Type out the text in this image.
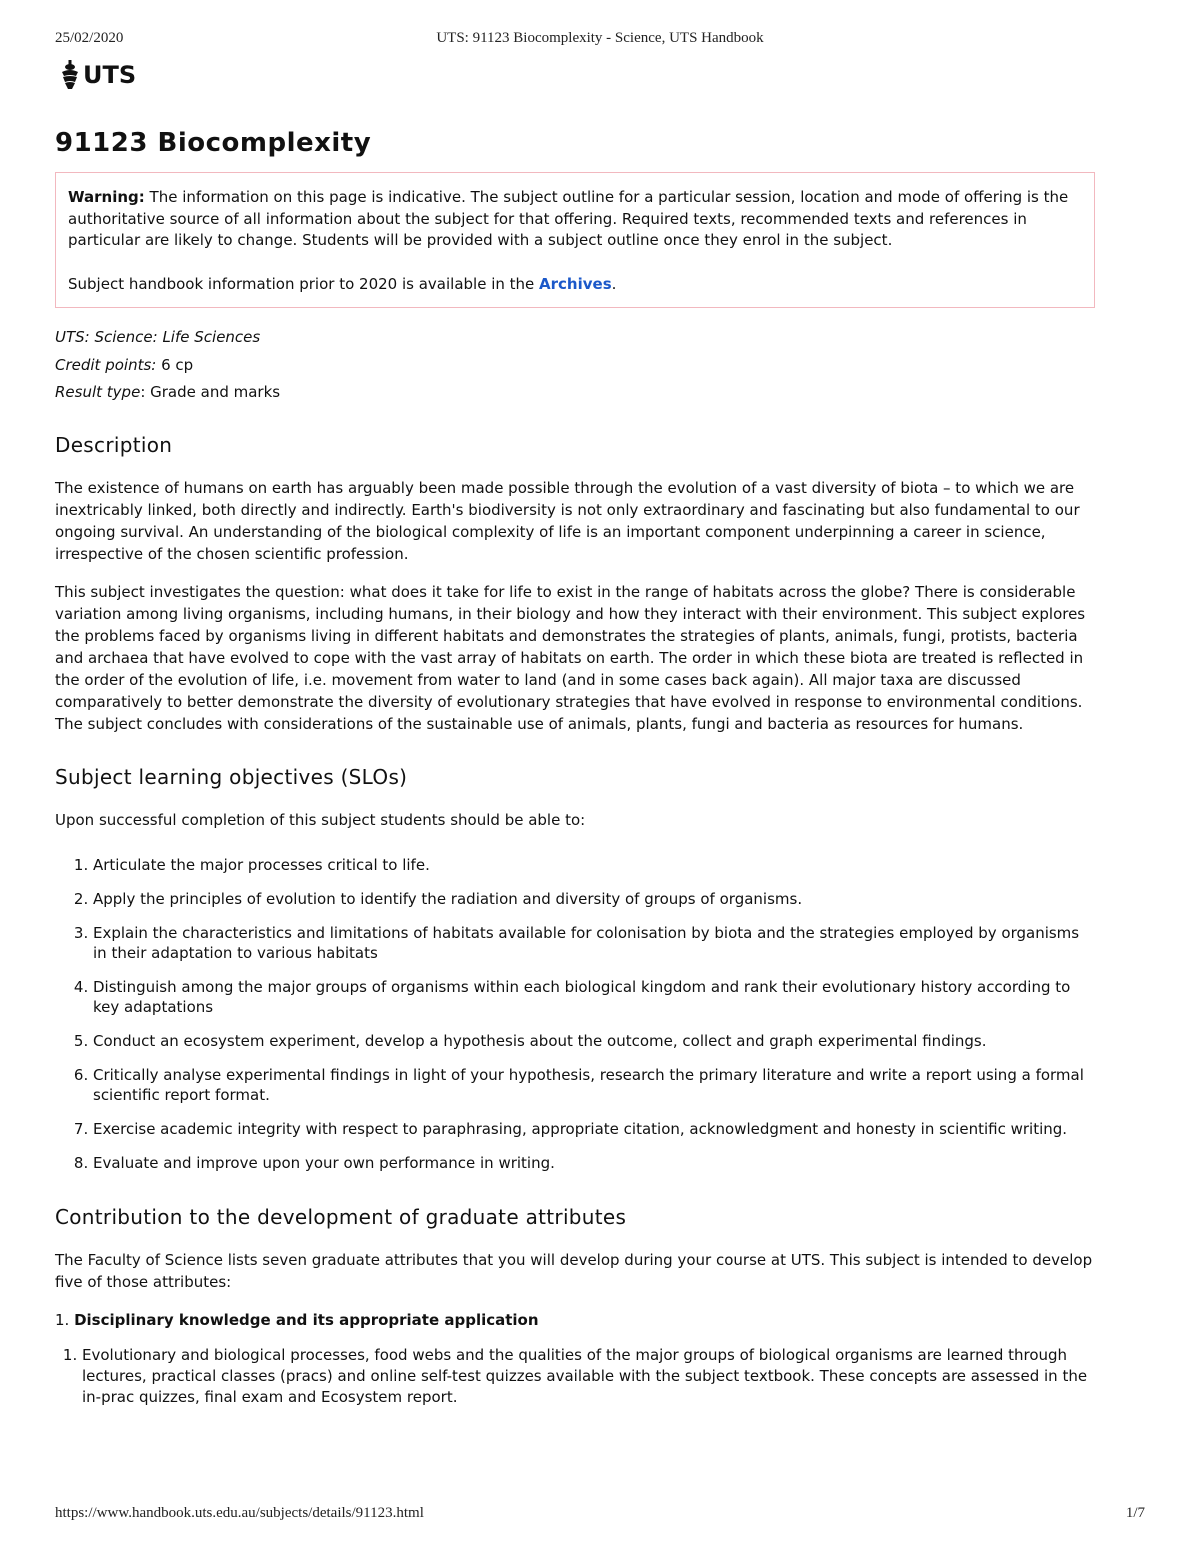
25/02/2020	UTS: 91123 Biocomplexity - Science, UTS Handbook
UTS
91123 Biocomplexity

Warning: The information on this page is indicative. The subject outline for a particular session, location and mode of offering is the authoritative source of all information about the subject for that offering. Required texts, recommended texts and references in particular are likely to change. Students will be provided with a subject outline once they enrol in the subject.

Subject handbook information prior to 2020 is available in the Archives.

UTS: Science: Life Sciences
Credit points: 6 cp
Result type: Grade and marks
Description

The existence of humans on earth has arguably been made possible through the evolution of a vast diversity of biota – to which we are inextricably linked, both directly and indirectly. Earth's biodiversity is not only extraordinary and fascinating but also fundamental to our ongoing survival. An understanding of the biological complexity of life is an important component underpinning a career in science, irrespective of the chosen scientific profession.

This subject investigates the question: what does it take for life to exist in the range of habitats across the globe? There is considerable variation among living organisms, including humans, in their biology and how they interact with their environment. This subject explores the problems faced by organisms living in different habitats and demonstrates the strategies of plants, animals, fungi, protists, bacteria and archaea that have evolved to cope with the vast array of habitats on earth. The order in which these biota are treated is reflected in the order of the evolution of life, i.e. movement from water to land (and in some cases back again). All major taxa are discussed comparatively to better demonstrate the diversity of evolutionary strategies that have evolved in response to environmental conditions. The subject concludes with considerations of the sustainable use of animals, plants, fungi and bacteria as resources for humans.

Subject learning objectives (SLOs)

Upon successful completion of this subject students should be able to:

1. Articulate the major processes critical to life.
2. Apply the principles of evolution to identify the radiation and diversity of groups of organisms.
3. Explain the characteristics and limitations of habitats available for colonisation by biota and the strategies employed by organisms in their adaptation to various habitats
4. Distinguish among the major groups of organisms within each biological kingdom and rank their evolutionary history according to key adaptations
5. Conduct an ecosystem experiment, develop a hypothesis about the outcome, collect and graph experimental findings.
6. Critically analyse experimental findings in light of your hypothesis, research the primary literature and write a report using a formal scientific report format.
7. Exercise academic integrity with respect to paraphrasing, appropriate citation, acknowledgment and honesty in scientific writing.
8. Evaluate and improve upon your own performance in writing.
Contribution to the development of graduate attributes

The Faculty of Science lists seven graduate attributes that you will develop during your course at UTS. This subject is intended to develop five of those attributes:

1. Disciplinary knowledge and its appropriate application

1. Evolutionary and biological processes, food webs and the qualities of the major groups of biological organisms are learned through lectures, practical classes (pracs) and online self-test quizzes available with the subject textbook. These concepts are assessed in the in-prac quizzes, final exam and Ecosystem report.
https://www.handbook.uts.edu.au/subjects/details/91123.html	1/7
